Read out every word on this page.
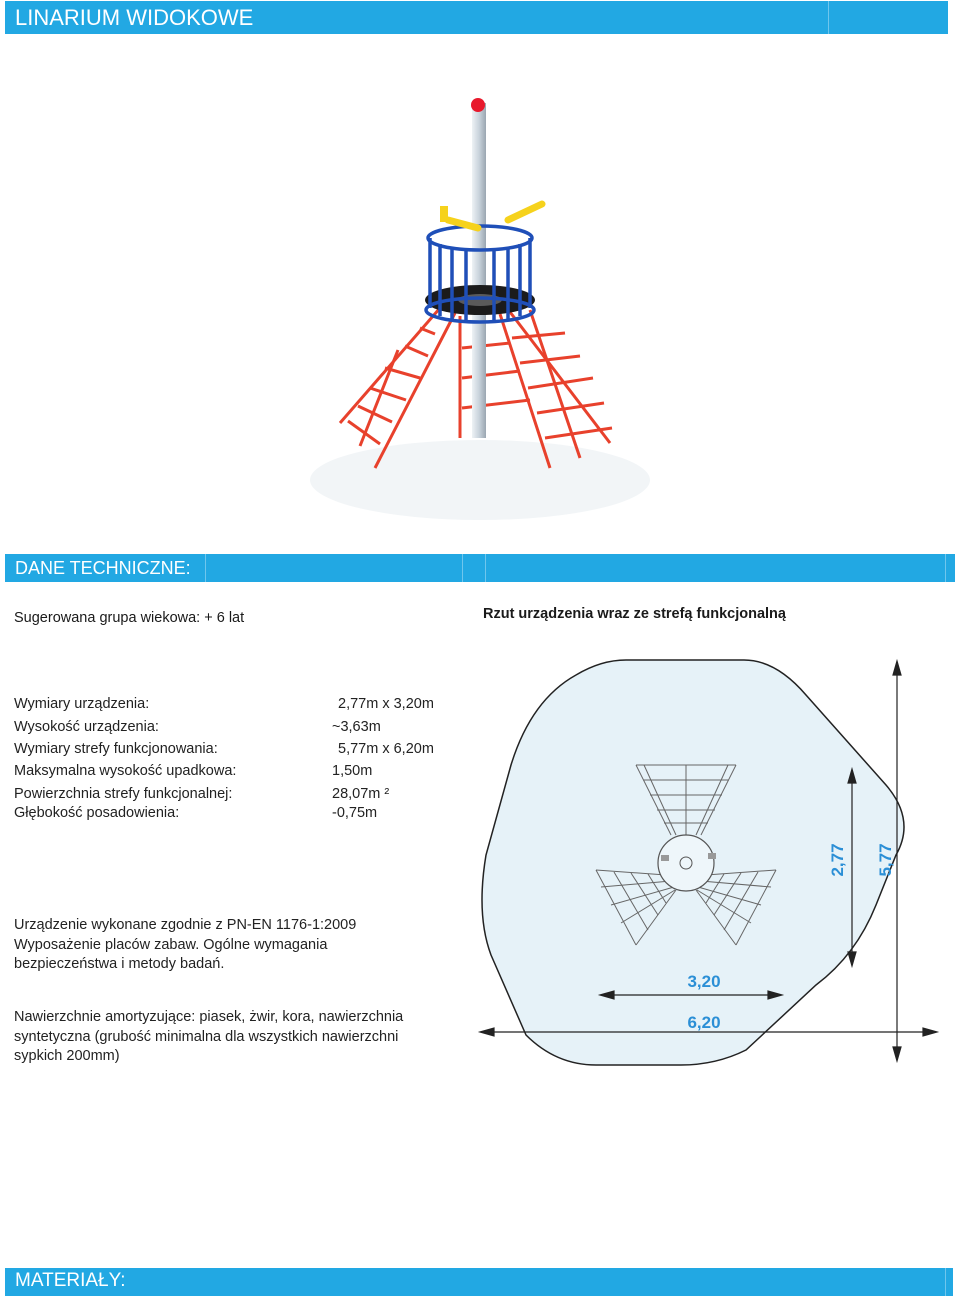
LINARIUM WIDOKOWE
DANE TECHNICZNE:
Sugerowana grupa wiekowa: + 6 lat	Rzut urządzenia wraz ze strefą funkcjonalną
Wymiary urządzenia:	2,77m x 3,20m
Wysokość urządzenia:	~3,63m
Wymiary strefy funkcjonowania:	5,77m x 6,20m
Maksymalna wysokość upadkowa:	1,50m
Powierzchnia strefy funkcjonalnej:	28,07m ²
Głębokość posadowienia:	-0,75m
Urządzenie wykonane zgodnie z PN-EN 1176-1:2009
Wyposażenie placów zabaw. Ogólne wymagania
bezpieczeństwa i metody badań.
Nawierzchnie amortyzujące: piasek, żwir, kora, nawierzchnia
syntetyczna (grubość minimalna dla wszystkich nawierzchni
sypkich 200mm)
2,77 5,77
3,20
6,20
MATERIAŁY:
